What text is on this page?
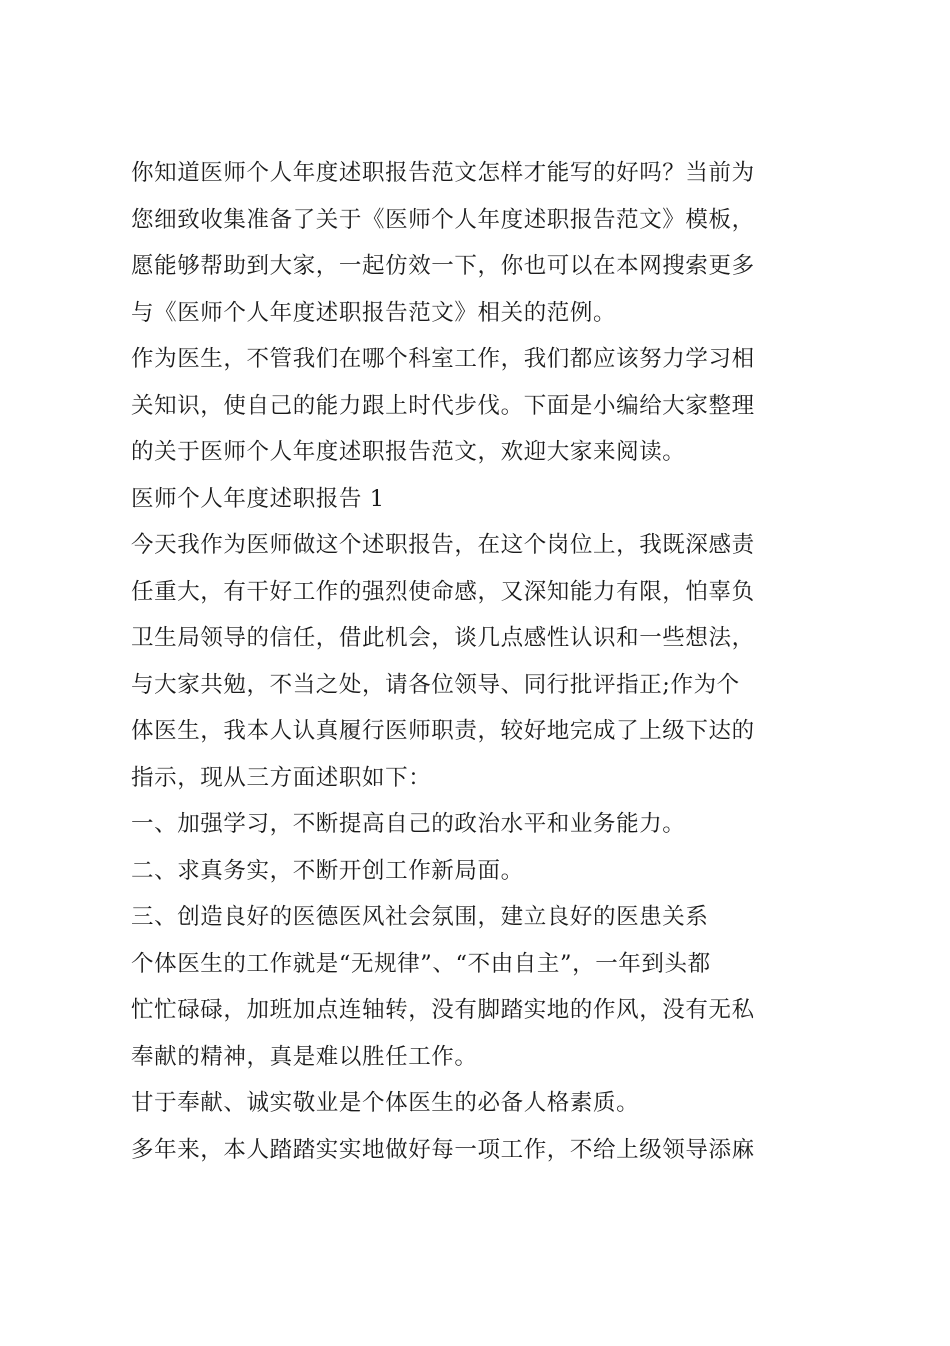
你知道医师个人年度述职报告范文怎样才能写的好吗？当前为
您细致收集准备了关于《医师个人年度述职报告范文》模板，
愿能够帮助到大家，一起仿效一下，你也可以在本网搜索更多
与《医师个人年度述职报告范文》相关的范例。
作为医生，不管我们在哪个科室工作，我们都应该努力学习相
关知识，使自己的能力跟上时代步伐。下面是小编给大家整理
的关于医师个人年度述职报告范文，欢迎大家来阅读。
医师个人年度述职报告 1
今天我作为医师做这个述职报告，在这个岗位上，我既深感责
任重大，有干好工作的强烈使命感，又深知能力有限，怕辜负
卫生局领导的信任，借此机会，谈几点感性认识和一些想法，
与大家共勉，不当之处，请各位领导、同行批评指正;作为个
体医生，我本人认真履行医师职责，较好地完成了上级下达的
指示，现从三方面述职如下：
一、加强学习，不断提高自己的政治水平和业务能力。
二、求真务实，不断开创工作新局面。
三、创造良好的医德医风社会氛围，建立良好的医患关系
个体医生的工作就是“无规律”、“不由自主”，一年到头都
忙忙碌碌，加班加点连轴转，没有脚踏实地的作风，没有无私
奉献的精神，真是难以胜任工作。
甘于奉献、诚实敬业是个体医生的必备人格素质。
多年来，本人踏踏实实地做好每一项工作，不给上级领导添麻
